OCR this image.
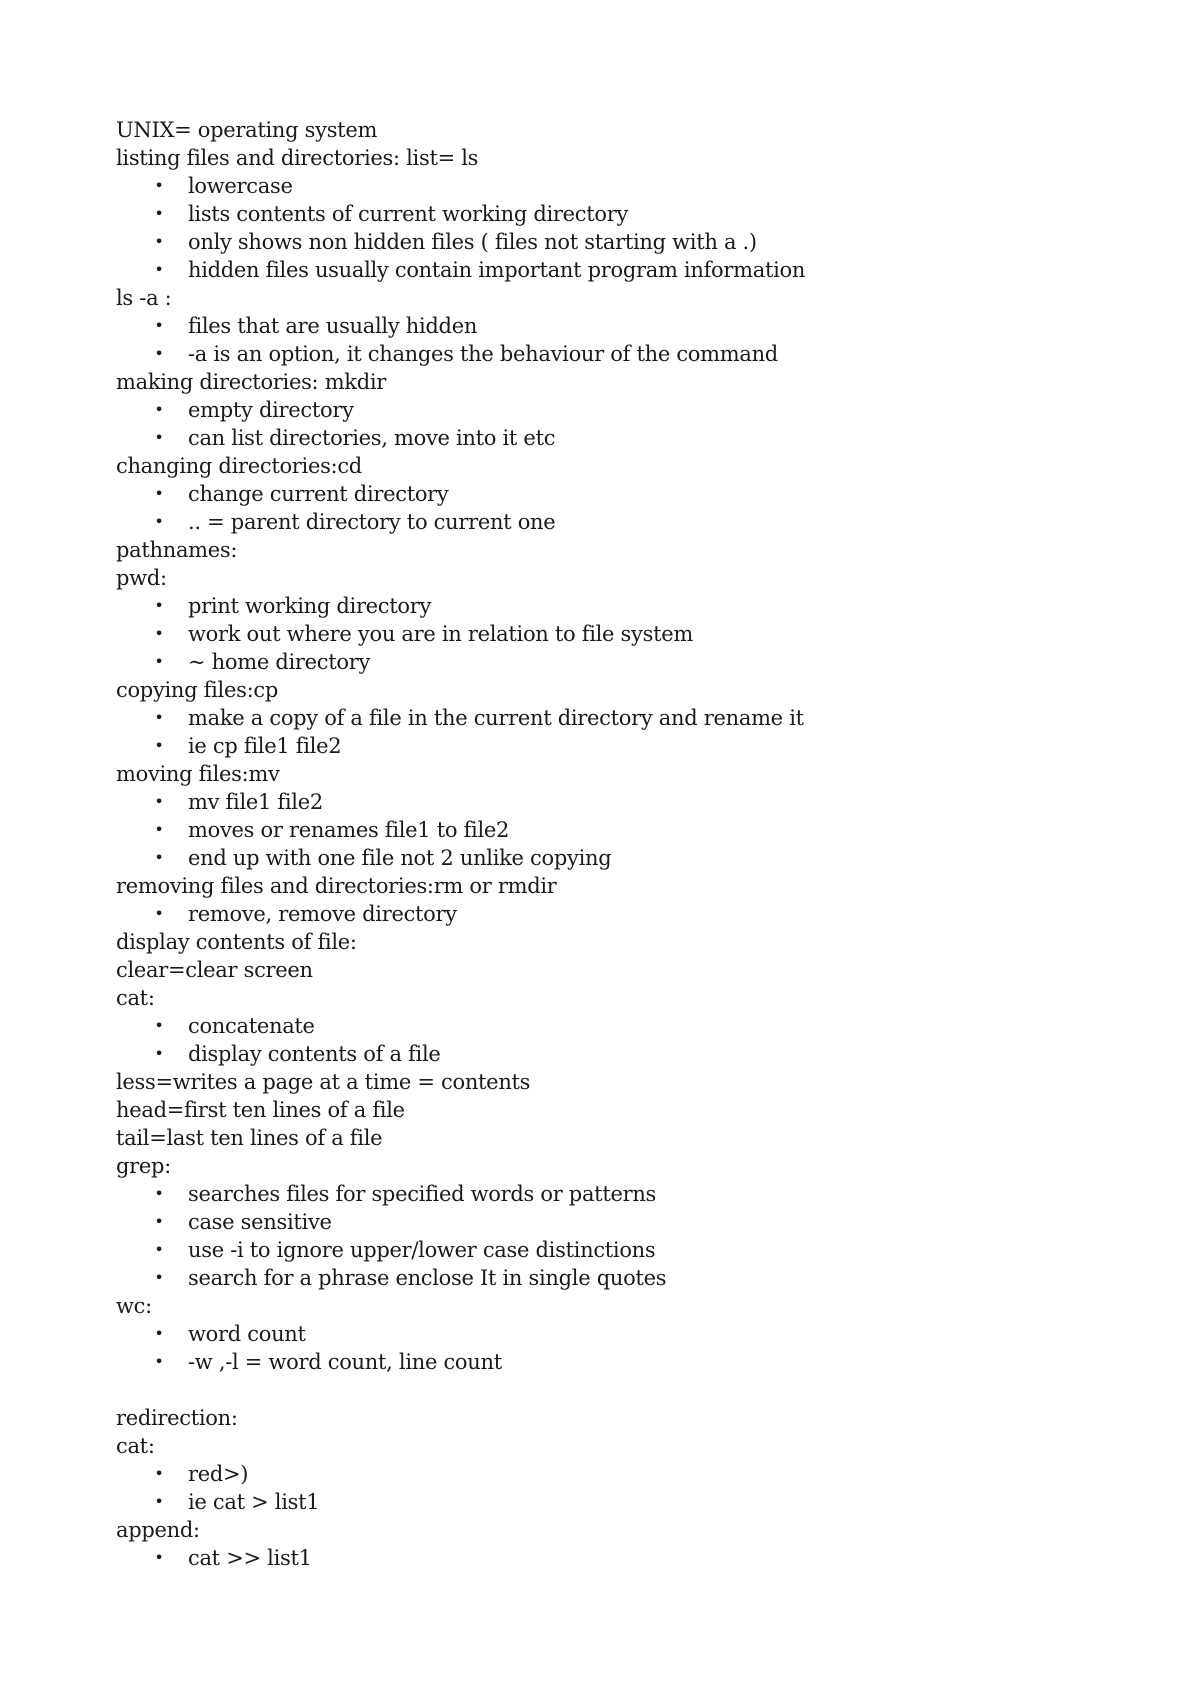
UNIX= operating system
listing files and directories: list= ls
• lowercase
• lists contents of current working directory
• only shows non hidden files ( files not starting with a .)
• hidden files usually contain important program information
ls -a :
• files that are usually hidden
• -a is an option, it changes the behaviour of the command
making directories: mkdir
• empty directory
• can list directories, move into it etc
changing directories:cd
• change current directory
• .. = parent directory to current one
pathnames:
pwd:
• print working directory
• work out where you are in relation to file system
• ~ home directory
copying files:cp
• make a copy of a file in the current directory and rename it
• ie cp file1 file2
moving files:mv
• mv file1 file2
• moves or renames file1 to file2
• end up with one file not 2 unlike copying
removing files and directories:rm or rmdir
• remove, remove directory
display contents of file:
clear=clear screen
cat:
• concatenate
• display contents of a file
less=writes a page at a time = contents
head=first ten lines of a file
tail=last ten lines of a file
grep:
• searches files for specified words or patterns
• case sensitive
• use -i to ignore upper/lower case distinctions
• search for a phrase enclose It in single quotes
wc:
• word count
• -w ,-l = word count, line count
redirection:
cat:
• red>)
• ie cat > list1
append:
• cat >> list1
